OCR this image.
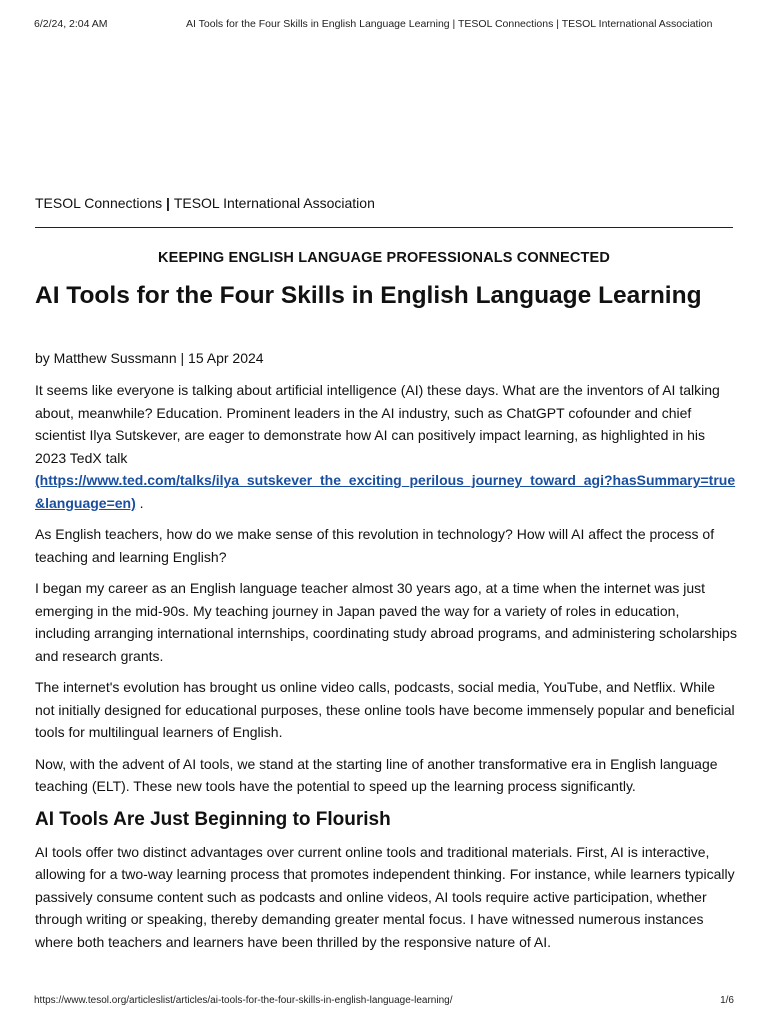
6/2/24, 2:04 AM	AI Tools for the Four Skills in English Language Learning | TESOL Connections | TESOL International Association
TESOL Connections | TESOL International Association
KEEPING ENGLISH LANGUAGE PROFESSIONALS CONNECTED
AI Tools for the Four Skills in English Language Learning
by Matthew Sussmann | 15 Apr 2024

It seems like everyone is talking about artificial intelligence (AI) these days. What are the inventors of AI talking about, meanwhile? Education. Prominent leaders in the AI industry, such as ChatGPT cofounder and chief scientist Ilya Sutskever, are eager to demonstrate how AI can positively impact learning, as highlighted in his 2023 TedX talk
(https://www.ted.com/talks/ilya_sutskever_the_exciting_perilous_journey_toward_agi?hasSummary=true&language=en) .

As English teachers, how do we make sense of this revolution in technology? How will AI affect the process of teaching and learning English?

I began my career as an English language teacher almost 30 years ago, at a time when the internet was just emerging in the mid-90s. My teaching journey in Japan paved the way for a variety of roles in education, including arranging international internships, coordinating study abroad programs, and administering scholarships and research grants.

The internet's evolution has brought us online video calls, podcasts, social media, YouTube, and Netflix. While not initially designed for educational purposes, these online tools have become immensely popular and beneficial tools for multilingual learners of English.

Now, with the advent of AI tools, we stand at the starting line of another transformative era in English language teaching (ELT). These new tools have the potential to speed up the learning process significantly.

AI Tools Are Just Beginning to Flourish

AI tools offer two distinct advantages over current online tools and traditional materials. First, AI is interactive, allowing for a two-way learning process that promotes independent thinking. For instance, while learners typically passively consume content such as podcasts and online videos, AI tools require active participation, whether through writing or speaking, thereby demanding greater mental focus. I have witnessed numerous instances where both teachers and learners have been thrilled by the responsive nature of AI.

https://www.tesol.org/articleslist/articles/ai-tools-for-the-four-skills-in-english-language-learning/	1/6
